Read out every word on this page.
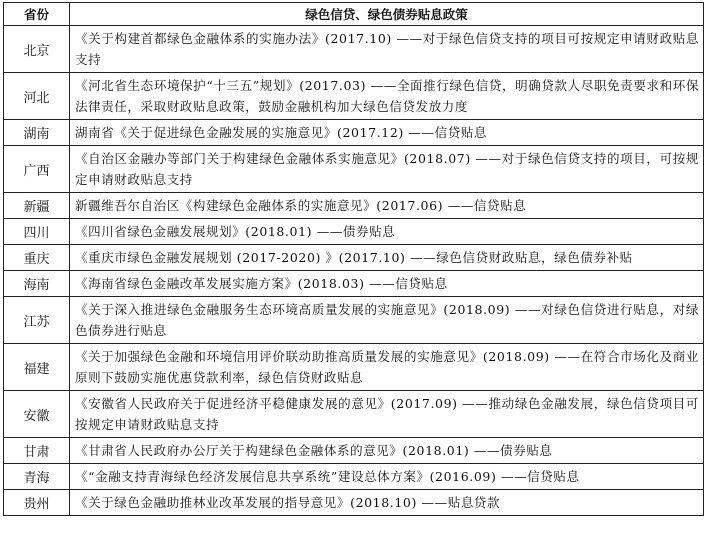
省份	绿色信贷、绿色债券贴息政策
北京	《关于构建首都绿色金融体系的实施办法》(2017.10) ——对于绿色信贷支持的项目可按规定申请财政贴息支持
河北	《河北省生态环境保护“十三五”规划》(2017.03) ——全面推行绿色信贷，明确贷款人尽职免责要求和环保法律责任，采取财政贴息政策，鼓励金融机构加大绿色信贷发放力度
湖南	湖南省《关于促进绿色金融发展的实施意见》(2017.12) ——信贷贴息
广西	《自治区金融办等部门关于构建绿色金融体系实施意见》(2018.07) ——对于绿色信贷支持的项目，可按规定申请财政贴息支持
新疆	新疆维吾尔自治区《构建绿色金融体系的实施意见》(2017.06) ——信贷贴息
四川	《四川省绿色金融发展规划》(2018.01) ——债券贴息
重庆	《重庆市绿色金融发展规划 (2017-2020) 》(2017.10) ——绿色信贷财政贴息，绿色债券补贴
海南	《海南省绿色金融改革发展实施方案》(2018.03) ——信贷贴息
江苏	《关于深入推进绿色金融服务生态环境高质量发展的实施意见》(2018.09) ——对绿色信贷进行贴息，对绿色债券进行贴息
福建	《关于加强绿色金融和环境信用评价联动助推高质量发展的实施意见》(2018.09) ——在符合市场化及商业原则下鼓励实施优惠贷款利率，绿色信贷财政贴息
安徽	《安徽省人民政府关于促进经济平稳健康发展的意见》(2017.09) ——推动绿色金融发展，绿色信贷项目可按规定申请财政贴息支持
甘肃	《甘肃省人民政府办公厅关于构建绿色金融体系的意见》(2018.01) ——债券贴息
青海	《“金融支持青海绿色经济发展信息共享系统”建设总体方案》(2016.09) ——信贷贴息
贵州	《关于绿色金融助推林业改革发展的指导意见》(2018.10) ——贴息贷款
